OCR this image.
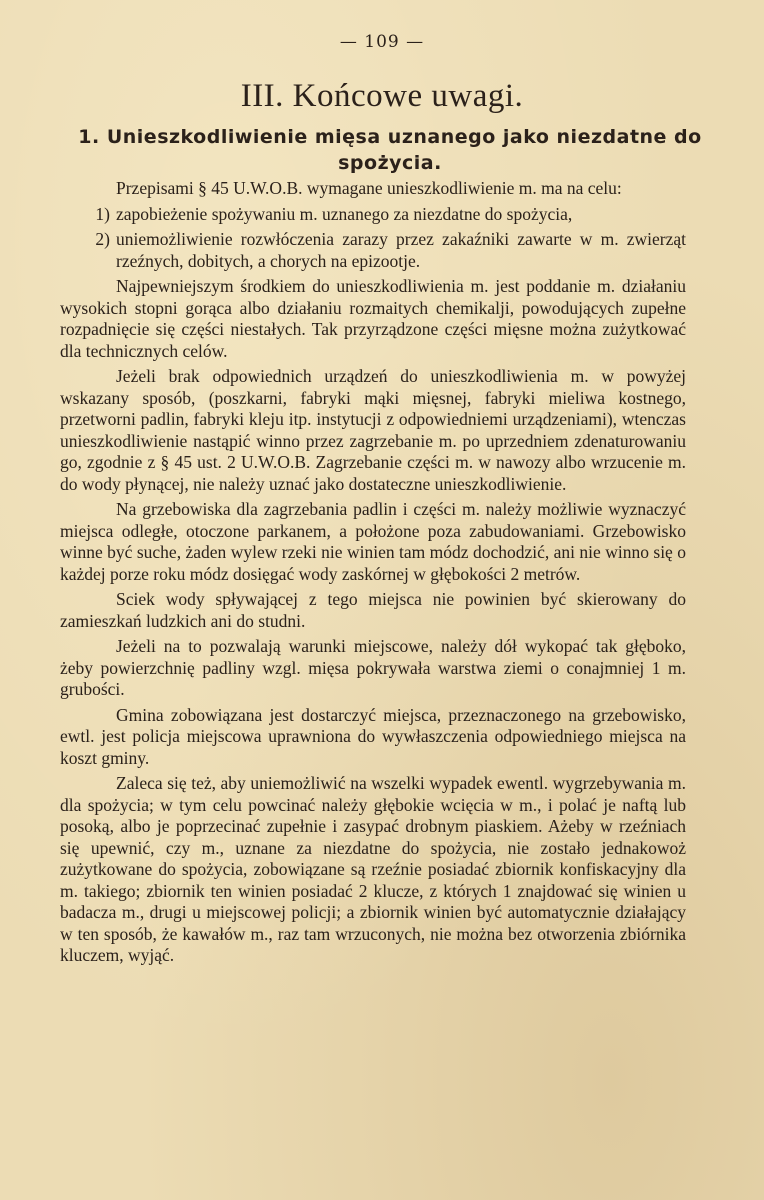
— 109 —
III. Końcowe uwagi.
1. Unieszkodliwienie mięsa uznanego jako niezdatne do spożycia.

Przepisami § 45 U.W.O.B. wymagane unieszkodliwienie m. ma na celu:

1) zapobieżenie spożywaniu m. uznanego za niezdatne do spożycia,
2) uniemożliwienie rozwłóczenia zarazy przez zakaźniki zawarte w m. zwierząt rzeźnych, dobitych, a chorych na epizootje.

Najpewniejszym środkiem do unieszkodliwienia m. jest poddanie m. działaniu wysokich stopni gorąca albo działaniu rozmaitych chemikalji, powodujących zupełne rozpadnięcie się części niestałych. Tak przyrządzone części mięsne można zużytkować dla technicznych celów.

Jeżeli brak odpowiednich urządzeń do unieszkodliwienia m. w powyżej wskazany sposób, (poszkarni, fabryki mąki mięsnej, fabryki mieliwa kostnego, przetworni padlin, fabryki kleju itp. instytucji z odpowiedniemi urządzeniami), wtenczas unieszkodliwienie nastąpić winno przez zagrzebanie m. po uprzedniem zdenaturowaniu go, zgodnie z § 45 ust. 2 U.W.O.B. Zagrzebanie części m. w nawozy albo wrzucenie m. do wody płynącej, nie należy uznać jako dostateczne unieszkodliwienie.

Na grzebowiska dla zagrzebania padlin i części m. należy możliwie wyznaczyć miejsca odległe, otoczone parkanem, a położone poza zabudowaniami. Grzebowisko winne być suche, żaden wylew rzeki nie winien tam módz dochodzić, ani nie winno się o każdej porze roku módz dosięgać wody zaskórnej w głębokości 2 metrów.

Sciek wody spływającej z tego miejsca nie powinien być skierowany do zamieszkań ludzkich ani do studni.

Jeżeli na to pozwalają warunki miejscowe, należy dół wykopać tak głęboko, żeby powierzchnię padliny wzgl. mięsa pokrywała warstwa ziemi o conajmniej 1 m. grubości.

Gmina zobowiązana jest dostarczyć miejsca, przeznaczonego na grzebowisko, ewtl. jest policja miejscowa uprawniona do wywłaszczenia odpowiedniego miejsca na koszt gminy.

Zaleca się też, aby uniemożliwić na wszelki wypadek ewentl. wygrzebywania m. dla spożycia; w tym celu powcinać należy głębokie wcięcia w m., i polać je naftą lub posoką, albo je poprzecinać zupełnie i zasypać drobnym piaskiem. Ażeby w rzeźniach się upewnić, czy m., uznane za niezdatne do spożycia, nie zostało jednakowoż zużytkowane do spożycia, zobowiązane są rzeźnie posiadać zbiornik konfiskacyjny dla m. takiego; zbiornik ten winien posiadać 2 klucze, z których 1 znajdować się winien u badacza m., drugi u miejscowej policji; a zbiornik winien być automatycznie działający w ten sposób, że kawałów m., raz tam wrzuconych, nie można bez otworzenia zbiórnika kluczem, wyjąć.
